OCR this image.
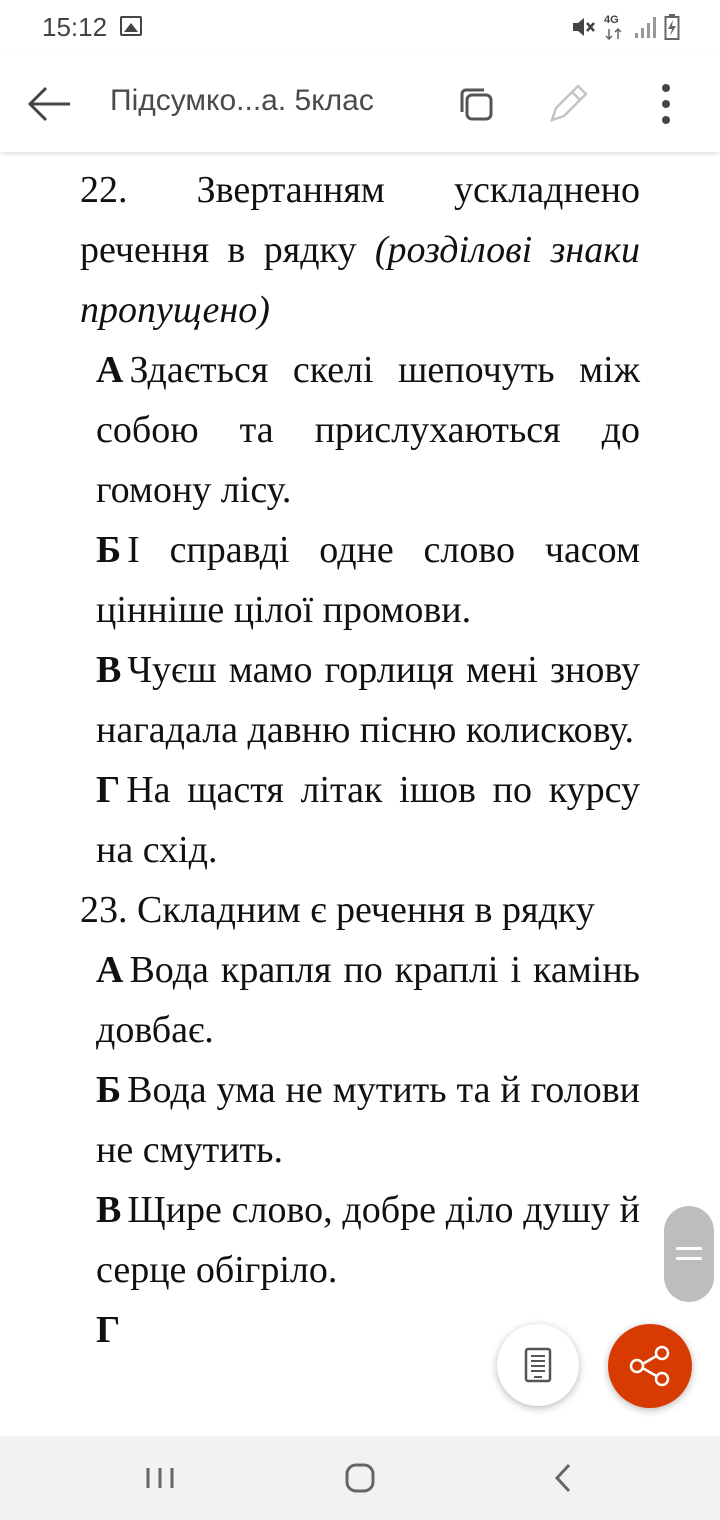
15:12	4G
Підсумко...а. 5клас
22. Звертанням ускладнено речення в рядку (розділові знаки пропущено)
А Здається скелі шепочуть між собою та прислухаються до гомону лісу.
Б І справді одне слово часом цінніше цілої промови.
В Чуєш мамо горлиця мені знову нагадала давню пісню колискову.
Г На щастя літак ішов по курсу на схід.
23. Складним є речення в рядку
А Вода крапля по краплі і камінь довбає.
Б Вода ума не мутить та й голови не смутить.
В Щире слово, добре діло душу й серце обігріло.
Г
